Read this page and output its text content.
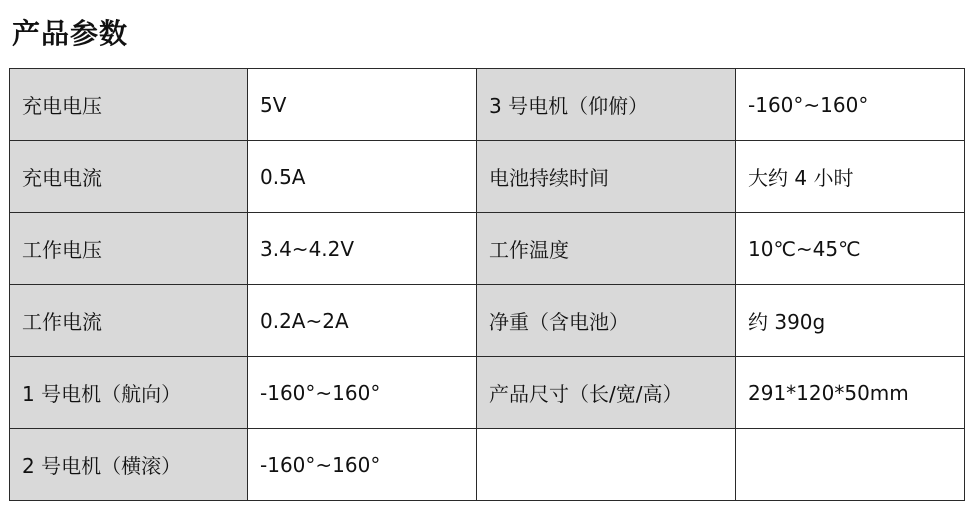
产品参数
充电电压	5V	3 号电机（仰俯）	-160°~160°
充电电流	0.5A	电池持续时间	大约 4 小时
工作电压	3.4~4.2V	工作温度	10℃~45℃
工作电流	0.2A~2A	净重（含电池）	约 390g
1 号电机（航向）	-160°~160°	产品尺寸（长/宽/高）	291*120*50mm
2 号电机（横滚）	-160°~160°		
